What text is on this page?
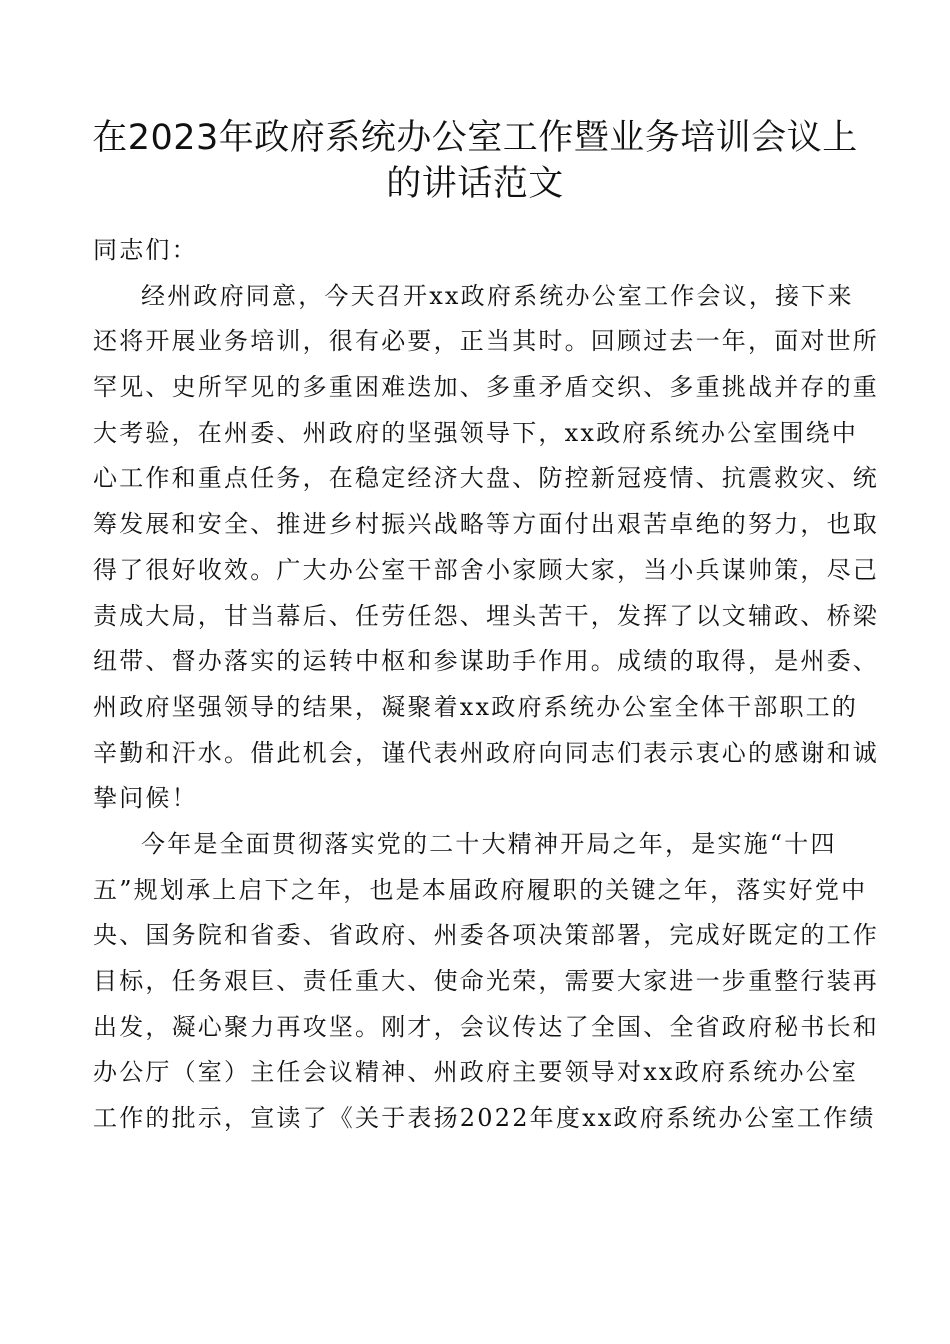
在2023年政府系统办公室工作暨业务培训会议上
的讲话范文

同志们：

经州政府同意，今天召开xx政府系统办公室工作会议，接下来
还将开展业务培训，很有必要，正当其时。回顾过去一年，面对世所
罕见、史所罕见的多重困难迭加、多重矛盾交织、多重挑战并存的重
大考验，在州委、州政府的坚强领导下，xx政府系统办公室围绕中
心工作和重点任务，在稳定经济大盘、防控新冠疫情、抗震救灾、统
筹发展和安全、推进乡村振兴战略等方面付出艰苦卓绝的努力，也取
得了很好收效。广大办公室干部舍小家顾大家，当小兵谋帅策，尽己
责成大局，甘当幕后、任劳任怨、埋头苦干，发挥了以文辅政、桥梁
纽带、督办落实的运转中枢和参谋助手作用。成绩的取得，是州委、
州政府坚强领导的结果，凝聚着xx政府系统办公室全体干部职工的
辛勤和汗水。借此机会，谨代表州政府向同志们表示衷心的感谢和诚
挚问候！

今年是全面贯彻落实党的二十大精神开局之年，是实施“十四
五”规划承上启下之年，也是本届政府履职的关键之年，落实好党中
央、国务院和省委、省政府、州委各项决策部署，完成好既定的工作
目标，任务艰巨、责任重大、使命光荣，需要大家进一步重整行装再
出发，凝心聚力再攻坚。刚才，会议传达了全国、全省政府秘书长和
办公厅（室）主任会议精神、州政府主要领导对xx政府系统办公室
工作的批示，宣读了《关于表扬2022年度xx政府系统办公室工作绩
